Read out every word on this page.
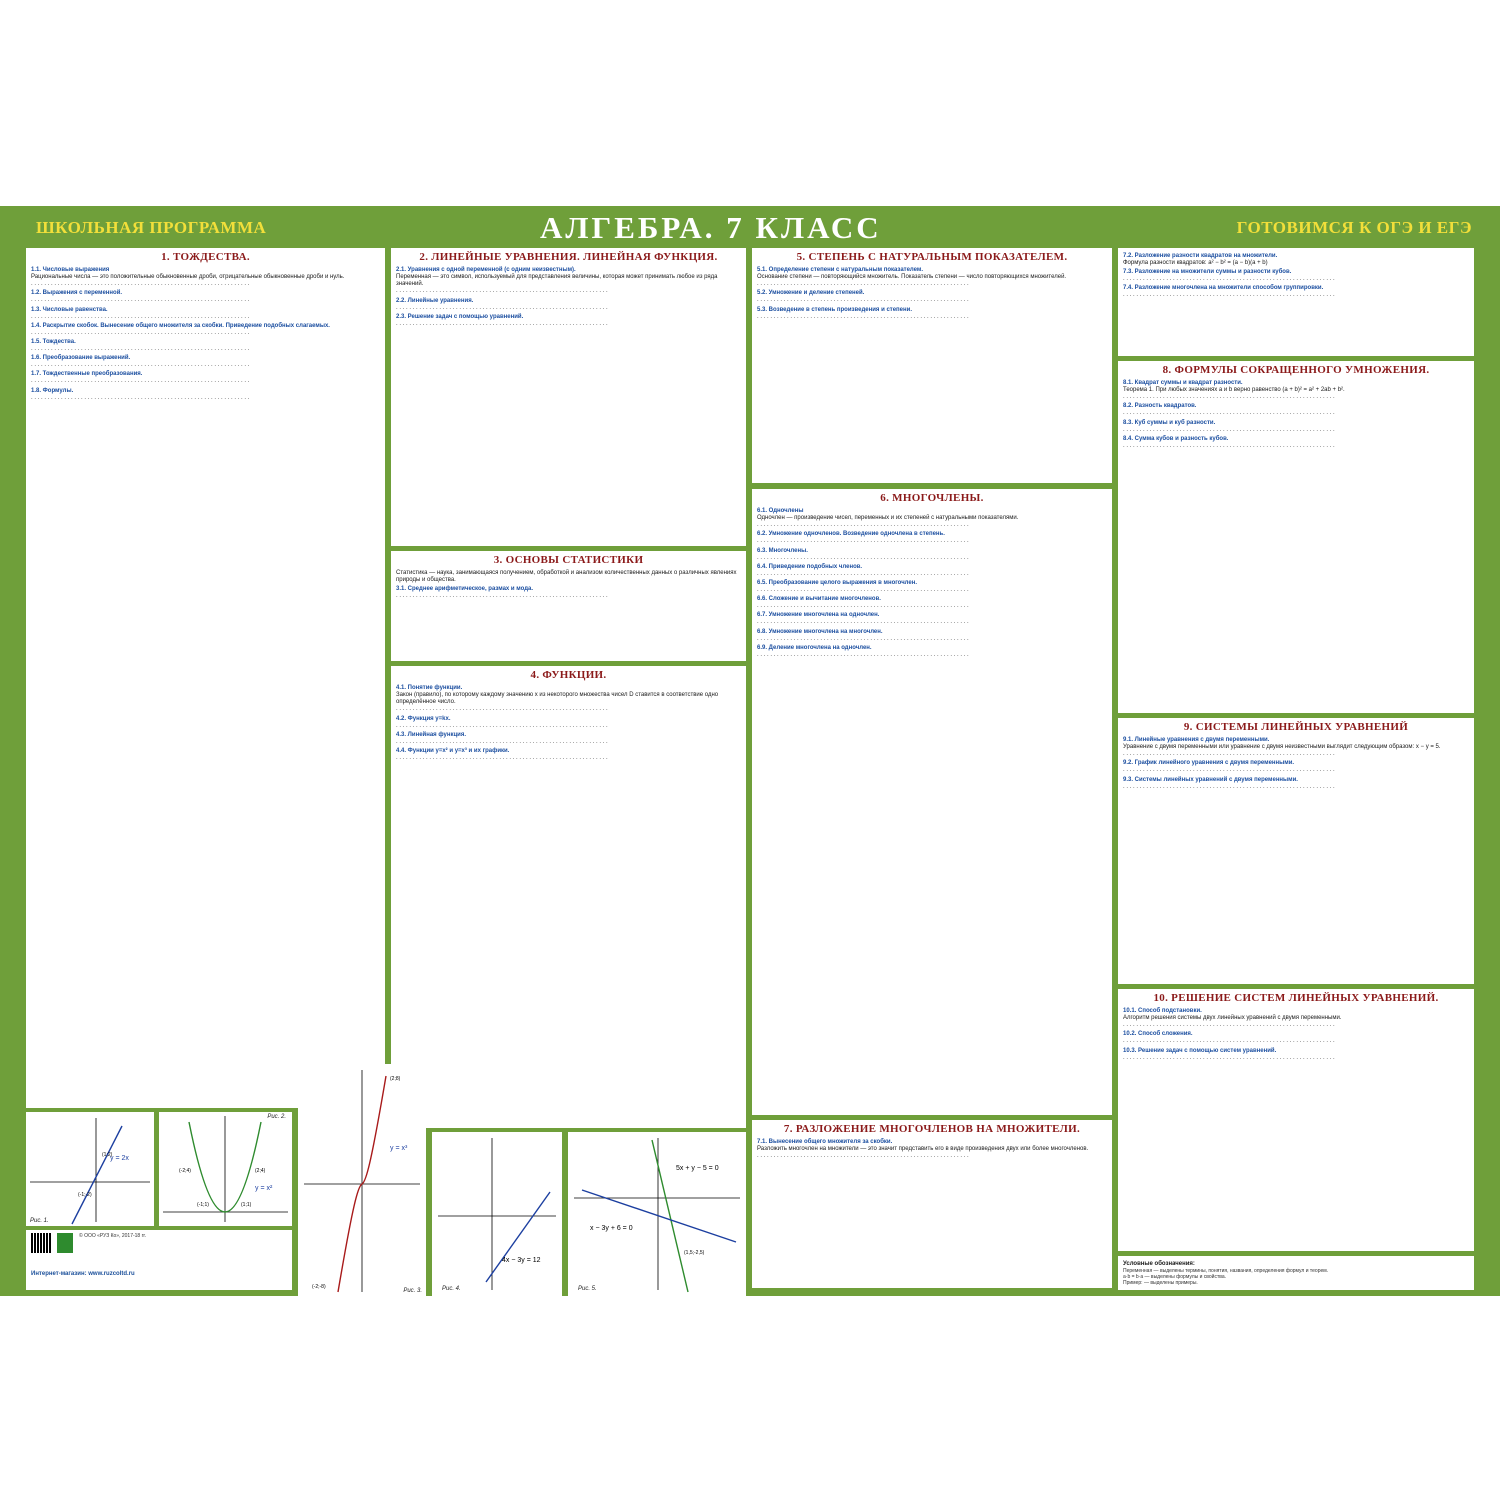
ШКОЛЬНАЯ ПРОГРАММА	АЛГЕБРА. 7 КЛАСС	ГОТОВИМСЯ К ОГЭ И ЕГЭ
1. ТОЖДЕСТВА.
1.1. Числовые выражения
Рациональные числа — это положительные обыкновенные дроби, отрицательные обыкновенные дроби и нуль.
. . . . . . . . . . . . . . . . . . . . . . . . . . . . . . . . . . . . . . . . . . . . . . . . . . . . . . . . . . . . . . . . . .
1.2. Выражения с переменной.
. . . . . . . . . . . . . . . . . . . . . . . . . . . . . . . . . . . . . . . . . . . . . . . . . . . . . . . . . . . . . . . . . .
1.3. Числовые равенства.
. . . . . . . . . . . . . . . . . . . . . . . . . . . . . . . . . . . . . . . . . . . . . . . . . . . . . . . . . . . . . . . . . .
1.4. Раскрытие скобок. Вынесение общего множителя за скобки. Приведение подобных слагаемых.
. . . . . . . . . . . . . . . . . . . . . . . . . . . . . . . . . . . . . . . . . . . . . . . . . . . . . . . . . . . . . . . . . .
1.5. Тождества.
. . . . . . . . . . . . . . . . . . . . . . . . . . . . . . . . . . . . . . . . . . . . . . . . . . . . . . . . . . . . . . . . . .
1.6. Преобразование выражений.
. . . . . . . . . . . . . . . . . . . . . . . . . . . . . . . . . . . . . . . . . . . . . . . . . . . . . . . . . . . . . . . . . .
1.7. Тождественные преобразования.
. . . . . . . . . . . . . . . . . . . . . . . . . . . . . . . . . . . . . . . . . . . . . . . . . . . . . . . . . . . . . . . . . .
1.8. Формулы.
. . . . . . . . . . . . . . . . . . . . . . . . . . . . . . . . . . . . . . . . . . . . . . . . . . . . . . . . . . . . . . . . . .
2. ЛИНЕЙНЫЕ УРАВНЕНИЯ. ЛИНЕЙНАЯ ФУНКЦИЯ.
2.1. Уравнения с одной переменной (с одним неизвестным).
Переменная — это символ, используемый для представления величины, которая может принимать любое из ряда значений.
. . . . . . . . . . . . . . . . . . . . . . . . . . . . . . . . . . . . . . . . . . . . . . . . . . . . . . . . . . . . . . . .
2.2. Линейные уравнения.
. . . . . . . . . . . . . . . . . . . . . . . . . . . . . . . . . . . . . . . . . . . . . . . . . . . . . . . . . . . . . . . .
2.3. Решение задач с помощью уравнений.
. . . . . . . . . . . . . . . . . . . . . . . . . . . . . . . . . . . . . . . . . . . . . . . . . . . . . . . . . . . . . . . .
3. ОСНОВЫ СТАТИСТИКИ
Статистика — наука, занимающаяся получением, обработкой и анализом количественных данных о различных явлениях природы и общества.
3.1. Среднее арифметическое, размах и мода.
. . . . . . . . . . . . . . . . . . . . . . . . . . . . . . . . . . . . . . . . . . . . . . . . . . . . . . . . . . . . . . . .
4. ФУНКЦИИ.
4.1. Понятие функции.
Закон (правило), по которому каждому значению x из некоторого множества чисел D ставится в соответствие одно определённое число.
. . . . . . . . . . . . . . . . . . . . . . . . . . . . . . . . . . . . . . . . . . . . . . . . . . . . . . . . . . . . . . . .
4.2. Функция y=kx.
. . . . . . . . . . . . . . . . . . . . . . . . . . . . . . . . . . . . . . . . . . . . . . . . . . . . . . . . . . . . . . . .
4.3. Линейная функция.
. . . . . . . . . . . . . . . . . . . . . . . . . . . . . . . . . . . . . . . . . . . . . . . . . . . . . . . . . . . . . . . .
4.4. Функции y=x² и y=x³ и их графики.
. . . . . . . . . . . . . . . . . . . . . . . . . . . . . . . . . . . . . . . . . . . . . . . . . . . . . . . . . . . . . . . .
5. СТЕПЕНЬ С НАТУРАЛЬНЫМ ПОКАЗАТЕЛЕМ.
5.1. Определение степени с натуральным показателем.
Основание степени — повторяющийся множитель. Показатель степени — число повторяющихся множителей.
. . . . . . . . . . . . . . . . . . . . . . . . . . . . . . . . . . . . . . . . . . . . . . . . . . . . . . . . . . . . . . . .
5.2. Умножение и деление степеней.
. . . . . . . . . . . . . . . . . . . . . . . . . . . . . . . . . . . . . . . . . . . . . . . . . . . . . . . . . . . . . . . .
5.3. Возведение в степень произведения и степени.
. . . . . . . . . . . . . . . . . . . . . . . . . . . . . . . . . . . . . . . . . . . . . . . . . . . . . . . . . . . . . . . .
6. МНОГОЧЛЕНЫ.
6.1. Одночлены
Одночлен — произведение чисел, переменных и их степеней с натуральными показателями.
. . . . . . . . . . . . . . . . . . . . . . . . . . . . . . . . . . . . . . . . . . . . . . . . . . . . . . . . . . . . . . . .
6.2. Умножение одночленов. Возведение одночлена в степень.
. . . . . . . . . . . . . . . . . . . . . . . . . . . . . . . . . . . . . . . . . . . . . . . . . . . . . . . . . . . . . . . .
6.3. Многочлены.
. . . . . . . . . . . . . . . . . . . . . . . . . . . . . . . . . . . . . . . . . . . . . . . . . . . . . . . . . . . . . . . .
6.4. Приведение подобных членов.
. . . . . . . . . . . . . . . . . . . . . . . . . . . . . . . . . . . . . . . . . . . . . . . . . . . . . . . . . . . . . . . .
6.5. Преобразование целого выражения в многочлен.
. . . . . . . . . . . . . . . . . . . . . . . . . . . . . . . . . . . . . . . . . . . . . . . . . . . . . . . . . . . . . . . .
6.6. Сложение и вычитание многочленов.
. . . . . . . . . . . . . . . . . . . . . . . . . . . . . . . . . . . . . . . . . . . . . . . . . . . . . . . . . . . . . . . .
6.7. Умножение многочлена на одночлен.
. . . . . . . . . . . . . . . . . . . . . . . . . . . . . . . . . . . . . . . . . . . . . . . . . . . . . . . . . . . . . . . .
6.8. Умножение многочлена на многочлен.
. . . . . . . . . . . . . . . . . . . . . . . . . . . . . . . . . . . . . . . . . . . . . . . . . . . . . . . . . . . . . . . .
6.9. Деление многочлена на одночлен.
. . . . . . . . . . . . . . . . . . . . . . . . . . . . . . . . . . . . . . . . . . . . . . . . . . . . . . . . . . . . . . . .
7. РАЗЛОЖЕНИЕ МНОГОЧЛЕНОВ НА МНОЖИТЕЛИ.
7.1. Вынесение общего множителя за скобки.
Разложить многочлен на множители — это значит представить его в виде произведения двух или более многочленов.
. . . . . . . . . . . . . . . . . . . . . . . . . . . . . . . . . . . . . . . . . . . . . . . . . . . . . . . . . . . . . . . .
7.2. Разложение разности квадратов на множители.
Формула разности квадратов: a² − b² = (a − b)(a + b)
7.3. Разложение на множители суммы и разности кубов.
. . . . . . . . . . . . . . . . . . . . . . . . . . . . . . . . . . . . . . . . . . . . . . . . . . . . . . . . . . . . . . . .
7.4. Разложение многочлена на множители способом группировки.
. . . . . . . . . . . . . . . . . . . . . . . . . . . . . . . . . . . . . . . . . . . . . . . . . . . . . . . . . . . . . . . .
8. ФОРМУЛЫ СОКРАЩЕННОГО УМНОЖЕНИЯ.
8.1. Квадрат суммы и квадрат разности.
Теорема 1. При любых значениях a и b верно равенство (a + b)² = a² + 2ab + b².
. . . . . . . . . . . . . . . . . . . . . . . . . . . . . . . . . . . . . . . . . . . . . . . . . . . . . . . . . . . . . . . .
8.2. Разность квадратов.
. . . . . . . . . . . . . . . . . . . . . . . . . . . . . . . . . . . . . . . . . . . . . . . . . . . . . . . . . . . . . . . .
8.3. Куб суммы и куб разности.
. . . . . . . . . . . . . . . . . . . . . . . . . . . . . . . . . . . . . . . . . . . . . . . . . . . . . . . . . . . . . . . .
8.4. Сумма кубов и разность кубов.
. . . . . . . . . . . . . . . . . . . . . . . . . . . . . . . . . . . . . . . . . . . . . . . . . . . . . . . . . . . . . . . .
9. СИСТЕМЫ ЛИНЕЙНЫХ УРАВНЕНИЙ
9.1. Линейные уравнения с двумя переменными.
Уравнение с двумя переменными или уравнение с двумя неизвестными выглядит следующим образом: x − y = 5.
. . . . . . . . . . . . . . . . . . . . . . . . . . . . . . . . . . . . . . . . . . . . . . . . . . . . . . . . . . . . . . . .
9.2. График линейного уравнения с двумя переменными.
. . . . . . . . . . . . . . . . . . . . . . . . . . . . . . . . . . . . . . . . . . . . . . . . . . . . . . . . . . . . . . . .
9.3. Системы линейных уравнений с двумя переменными.
. . . . . . . . . . . . . . . . . . . . . . . . . . . . . . . . . . . . . . . . . . . . . . . . . . . . . . . . . . . . . . . .
10. РЕШЕНИЕ СИСТЕМ ЛИНЕЙНЫХ УРАВНЕНИЙ.
10.1. Способ подстановки.
Алгоритм решения системы двух линейных уравнений с двумя переменными.
. . . . . . . . . . . . . . . . . . . . . . . . . . . . . . . . . . . . . . . . . . . . . . . . . . . . . . . . . . . . . . . .
10.2. Способ сложения.
. . . . . . . . . . . . . . . . . . . . . . . . . . . . . . . . . . . . . . . . . . . . . . . . . . . . . . . . . . . . . . . .
10.3. Решение задач с помощью систем уравнений.
. . . . . . . . . . . . . . . . . . . . . . . . . . . . . . . . . . . . . . . . . . . . . . . . . . . . . . . . . . . . . . . .
Условные обозначения:
Переменная — выделены термины, понятия, названия, определения формул и теорем.
a·b = b·a — выделены формулы и свойства.
Пример: — выделены примеры.
y = 2x
(1;2)
(-1;-2)
Рис. 1.
y = x²
(-2;4)	(2;4)
(-1;1)	(1;1)
Рис. 2.
y = x³
(2;8)
(-2;-8)
Рис. 3.
4x − 3y = 12
Рис. 4.
5x + y − 5 = 0
x − 3y + 6 = 0
(1,5;-2,5)
Рис. 5.
© ООО «РУЗ Ко», 2017-18 гг.
Интернет-магазин: www.ruzcoltd.ru
